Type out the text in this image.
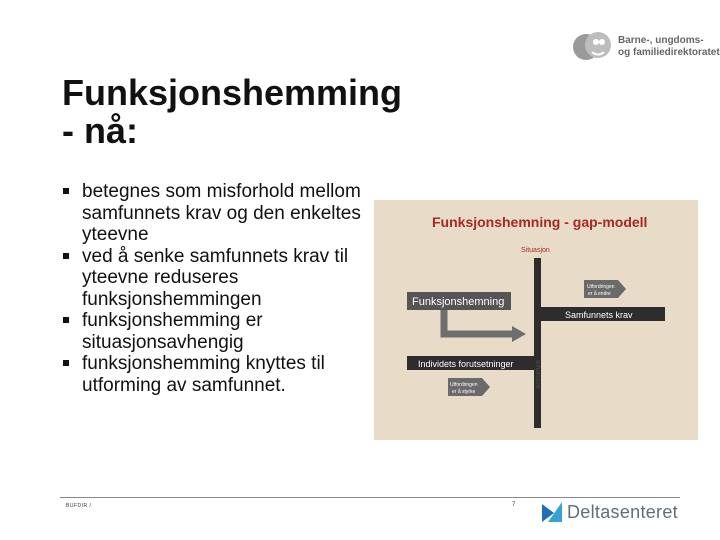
Barne-, ungdoms-
og familiedirektoratet
Funksjonshemming
- nå:
betegnes som misforhold mellom samfunnets krav og den enkeltes yteevne
ved å senke samfunnets krav til yteevne reduseres funksjonshemmingen
funksjonshemming er situasjonsavhengig
funksjonshemming knyttes til utforming av samfunnet.
Funksjonshemning - gap-modell
Situasjon
SITUASJON
Funksjonshemning
Utfordringen er å endre
Samfunnets krav
Individets forutsetninger
Utfordringen er å styrke
BUFDIR /	7	Deltasenteret
